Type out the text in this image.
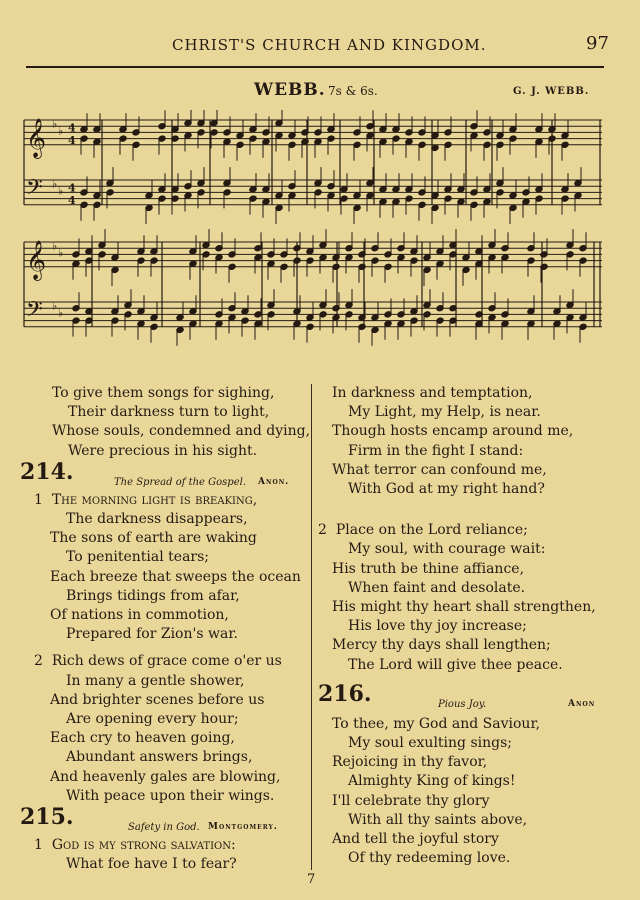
CHRIST'S CHURCH AND KINGDOM.	97
WEBB. 7s & 6s.	G. J. WEBB.
𝄞 ♭
♭
𝄢 ♭
♭
𝄞 ♭
♭
𝄢 ♭
♭
4
4
4
4
To give them songs for sighing,
Their darkness turn to light,
Whose souls, condemned and dying,
Were precious in his sight.
214.	The Spread of the Gospel. Anon.
1 The morning light is breaking,
The darkness disappears,
The sons of earth are waking
To penitential tears;
Each breeze that sweeps the ocean
Brings tidings from afar,
Of nations in commotion,
Prepared for Zion's war.
2 Rich dews of grace come o'er us
In many a gentle shower,
And brighter scenes before us
Are opening every hour;
Each cry to heaven going,
Abundant answers brings,
And heavenly gales are blowing,
With peace upon their wings.
215.	Safety in God. Montgomery.
1 God is my strong salvation:
What foe have I to fear?
In darkness and temptation,
My Light, my Help, is near.
Though hosts encamp around me,
Firm in the fight I stand:
What terror can confound me,
With God at my right hand?
2 Place on the Lord reliance;
My soul, with courage wait:
His truth be thine affiance,
When faint and desolate.
His might thy heart shall strengthen,
His love thy joy increase;
Mercy thy days shall lengthen;
The Lord will give thee peace.
216.	Pious Joy.	Anon
To thee, my God and Saviour,
My soul exulting sings;
Rejoicing in thy favor,
Almighty King of kings!
I'll celebrate thy glory
With all thy saints above,
And tell the joyful story
Of thy redeeming love.
7
